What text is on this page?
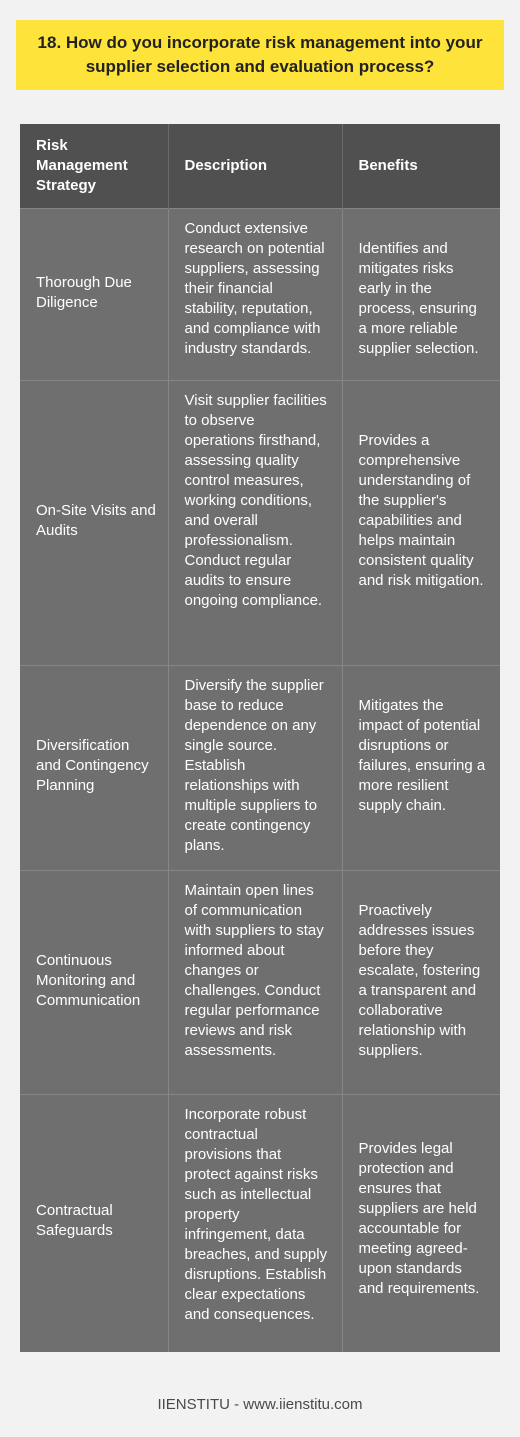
18. How do you incorporate risk management into your supplier selection and evaluation process?
Risk Management Strategy	Description	Benefits
Thorough Due Diligence	Conduct extensive research on potential suppliers, assessing their financial stability, reputation, and compliance with industry standards.	Identifies and mitigates risks early in the process, ensuring a more reliable supplier selection.
On-Site Visits and Audits	Visit supplier facilities to observe operations firsthand, assessing quality control measures, working conditions, and overall professionalism. Conduct regular audits to ensure ongoing compliance.	Provides a comprehensive understanding of the supplier's capabilities and helps maintain consistent quality and risk mitigation.
Diversification and Contingency Planning	Diversify the supplier base to reduce dependence on any single source. Establish relationships with multiple suppliers to create contingency plans.	Mitigates the impact of potential disruptions or failures, ensuring a more resilient supply chain.
Continuous Monitoring and Communication	Maintain open lines of communication with suppliers to stay informed about changes or challenges. Conduct regular performance reviews and risk assessments.	Proactively addresses issues before they escalate, fostering a transparent and collaborative relationship with suppliers.
Contractual Safeguards	Incorporate robust contractual provisions that protect against risks such as intellectual property infringement, data breaches, and supply disruptions. Establish clear expectations and consequences.	Provides legal protection and ensures that suppliers are held accountable for meeting agreed-upon standards and requirements.
IIENSTITU - www.iienstitu.com
